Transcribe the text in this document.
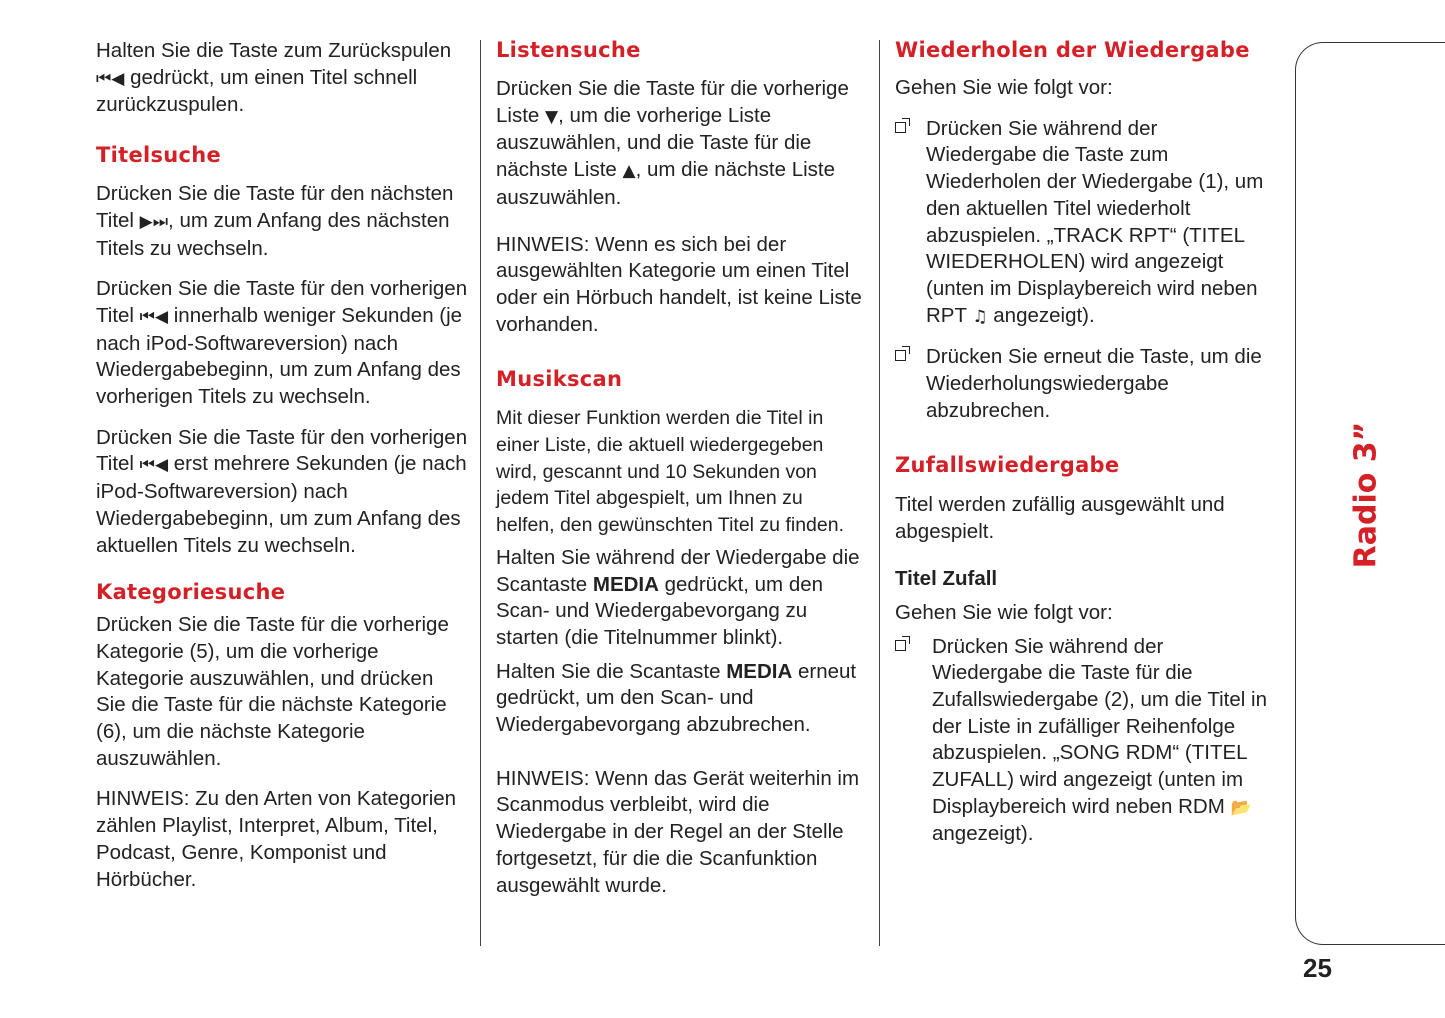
Halten Sie die Taste zum Zurückspulen ⏮◀ gedrückt, um einen Titel schnell zurückzuspulen.

Titelsuche

Drücken Sie die Taste für den nächsten Titel ▶⏭, um zum Anfang des nächsten Titels zu wechseln.

Drücken Sie die Taste für den vorherigen Titel ⏮◀ innerhalb weniger Sekunden (je nach iPod-Softwareversion) nach Wiedergabebeginn, um zum Anfang des vorherigen Titels zu wechseln.

Drücken Sie die Taste für den vorherigen Titel ⏮◀ erst mehrere Sekunden (je nach iPod-Softwareversion) nach Wiedergabebeginn, um zum Anfang des aktuellen Titels zu wechseln.

Kategoriesuche

Drücken Sie die Taste für die vorherige Kategorie (5), um die vorherige Kategorie auszuwählen, und drücken Sie die Taste für die nächste Kategorie (6), um die nächste Kategorie auszuwählen.

HINWEIS: Zu den Arten von Kategorien zählen Playlist, Interpret, Album, Titel, Podcast, Genre, Komponist und Hörbücher.

Listensuche

Drücken Sie die Taste für die vorherige Liste ▼, um die vorherige Liste auszuwählen, und die Taste für die nächste Liste ▲, um die nächste Liste auszuwählen.

HINWEIS: Wenn es sich bei der ausgewählten Kategorie um einen Titel oder ein Hörbuch handelt, ist keine Liste vorhanden.

Musikscan

Mit dieser Funktion werden die Titel in einer Liste, die aktuell wiedergegeben wird, gescannt und 10 Sekunden von jedem Titel abgespielt, um Ihnen zu helfen, den gewünschten Titel zu finden.

Halten Sie während der Wiedergabe die Scantaste MEDIA gedrückt, um den Scan- und Wiedergabevorgang zu starten (die Titelnummer blinkt).

Halten Sie die Scantaste MEDIA erneut gedrückt, um den Scan- und Wiedergabevorgang abzubrechen.

HINWEIS: Wenn das Gerät weiterhin im Scanmodus verbleibt, wird die Wiedergabe in der Regel an der Stelle fortgesetzt, für die die Scanfunktion ausgewählt wurde.

Wiederholen der Wiedergabe

Gehen Sie wie folgt vor:

Drücken Sie während der Wiedergabe die Taste zum Wiederholen der Wiedergabe (1), um den aktuellen Titel wiederholt abzuspielen. „TRACK RPT“ (TITEL WIEDERHOLEN) wird angezeigt (unten im Displaybereich wird neben RPT ♫ angezeigt).

Drücken Sie erneut die Taste, um die Wiederholungswiedergabe abzubrechen.

Zufallswiedergabe

Titel werden zufällig ausgewählt und abgespielt.

Titel Zufall

Gehen Sie wie folgt vor:

Drücken Sie während der Wiedergabe die Taste für die Zufallswiedergabe (2), um die Titel in der Liste in zufälliger Reihenfolge abzuspielen. „SONG RDM“ (TITEL ZUFALL) wird angezeigt (unten im Displaybereich wird neben RDM 📂 angezeigt).

Radio 3”
25
